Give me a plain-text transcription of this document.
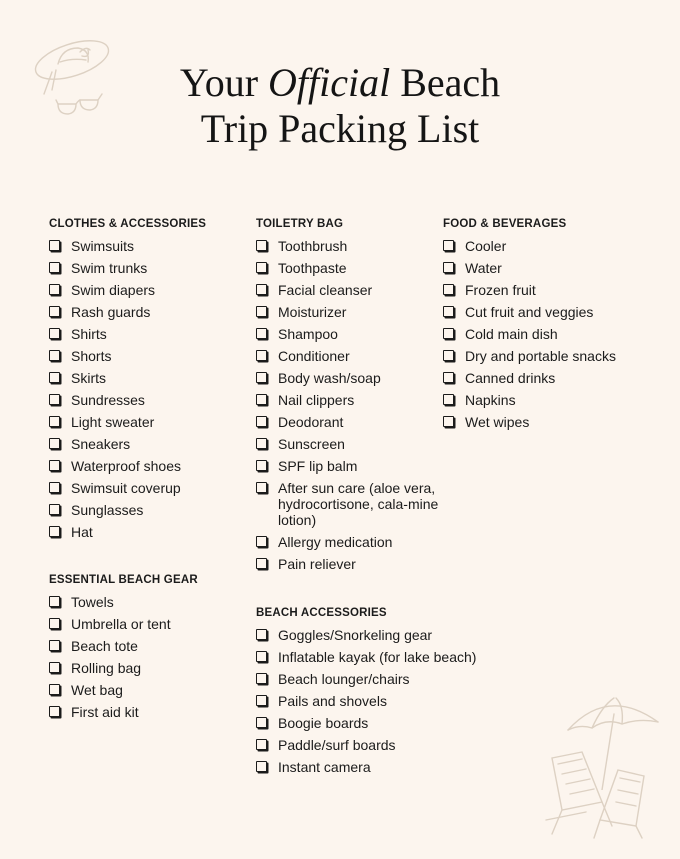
Your Official Beach
Trip Packing List
CLOTHES & ACCESSORIES
Swimsuits
Swim trunks
Swim diapers
Rash guards
Shirts
Shorts
Skirts
Sundresses
Light sweater
Sneakers
Waterproof shoes
Swimsuit coverup
Sunglasses
Hat
ESSENTIAL BEACH GEAR
Towels
Umbrella or tent
Beach tote
Rolling bag
Wet bag
First aid kit
TOILETRY BAG
Toothbrush
Toothpaste
Facial cleanser
Moisturizer
Shampoo
Conditioner
Body wash/soap
Nail clippers
Deodorant
Sunscreen
SPF lip balm
After sun care (aloe vera, hydrocortisone, cala-mine lotion)
Allergy medication
Pain reliever
BEACH ACCESSORIES
Goggles/Snorkeling gear
Inflatable kayak (for lake beach)
Beach lounger/chairs
Pails and shovels
Boogie boards
Paddle/surf boards
Instant camera
FOOD & BEVERAGES
Cooler
Water
Frozen fruit
Cut fruit and veggies
Cold main dish
Dry and portable snacks
Canned drinks
Napkins
Wet wipes
